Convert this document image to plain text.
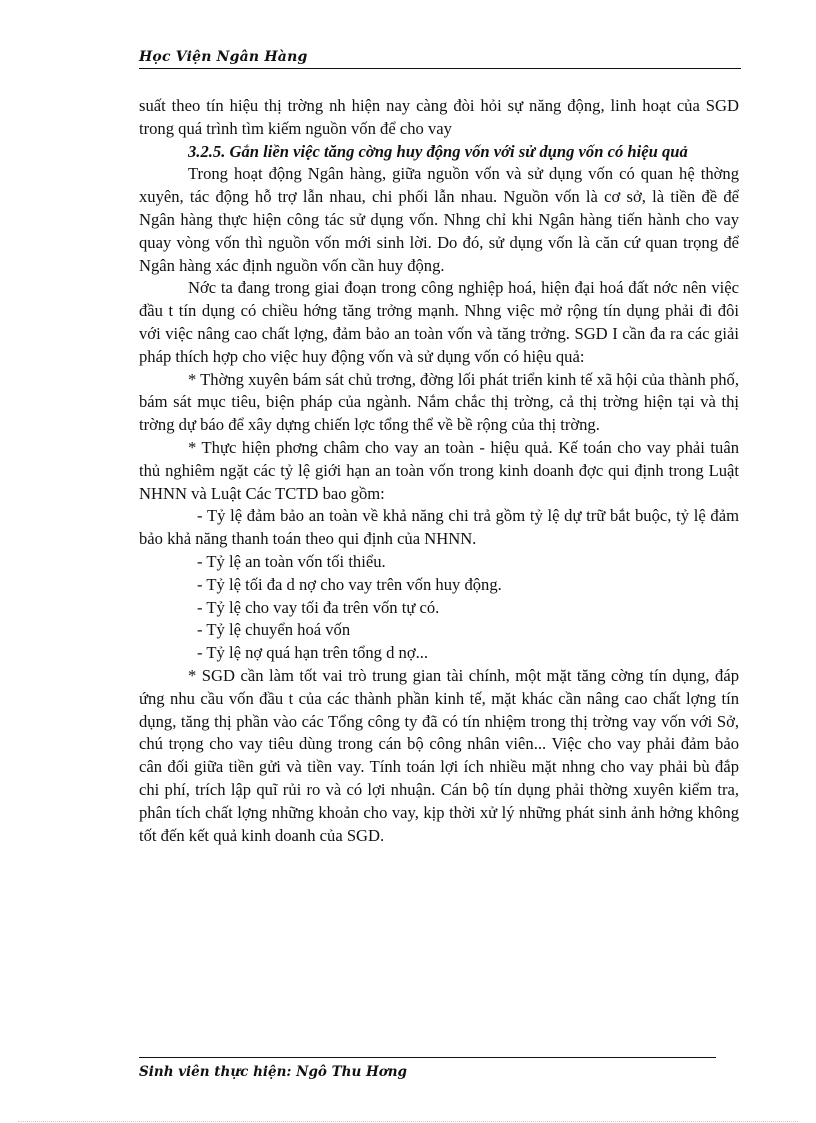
Học Viện Ngân Hàng

suất theo tín hiệu thị trờng nh hiện nay càng đòi hỏi sự năng động, linh hoạt của SGD trong quá trình tìm kiếm nguồn vốn để cho vay

3.2.5. Gắn liền việc tăng cờng huy động vốn với sử dụng vốn có hiệu quả

Trong hoạt động Ngân hàng, giữa nguồn vốn và sử dụng vốn có quan hệ thờng xuyên, tác động hỗ trợ lẫn nhau, chi phối lẫn nhau. Nguồn vốn là cơ sở, là tiền đề để Ngân hàng thực hiện công tác sử dụng vốn. Nhng chỉ khi Ngân hàng tiến hành cho vay quay vòng vốn thì nguồn vốn mới sinh lời. Do đó, sử dụng vốn là căn cứ quan trọng để Ngân hàng xác định nguồn vốn cần huy động.

Nớc ta đang trong giai đoạn trong công nghiệp hoá, hiện đại hoá đất nớc nên việc đầu t tín dụng có chiều hớng tăng trởng mạnh. Nhng việc mở rộng tín dụng phải đi đôi với việc nâng cao chất lợng, đảm bảo an toàn vốn và tăng trởng. SGD I cần đa ra các giải pháp thích hợp cho việc huy động vốn và sử dụng vốn có hiệu quả:

* Thờng xuyên bám sát chủ trơng, đờng lối phát triển kinh tế xã hội của thành phố, bám sát mục tiêu, biện pháp của ngành. Nắm chắc thị trờng, cả thị trờng hiện tại và thị trờng dự báo để xây dựng chiến lợc tổng thể về bề rộng của thị trờng.

* Thực hiện phơng châm cho vay an toàn - hiệu quả. Kế toán cho vay phải tuân thủ nghiêm ngặt các tỷ lệ giới hạn an toàn vốn trong kinh doanh đợc qui định trong Luật NHNN và Luật Các TCTD bao gồm:

- Tỷ lệ đảm bảo an toàn về khả năng chi trả gồm tỷ lệ dự trữ bắt buộc, tỷ lệ đảm bảo khả năng thanh toán theo qui định của NHNN.

- Tỷ lệ an toàn vốn tối thiểu.

- Tỷ lệ tối đa d nợ cho vay trên vốn huy động.

- Tỷ lệ cho vay tối đa trên vốn tự có.

- Tỷ lệ chuyển hoá vốn

- Tỷ lệ nợ quá hạn trên tổng d nợ...

* SGD cần làm tốt vai trò trung gian tài chính, một mặt tăng cờng tín dụng, đáp ứng nhu cầu vốn đầu t của các thành phần kinh tế, mặt khác cần nâng cao chất lợng tín dụng, tăng thị phần vào các Tổng công ty đã có tín nhiệm trong thị trờng vay vốn với Sở, chú trọng cho vay tiêu dùng trong cán bộ công nhân viên... Việc cho vay phải đảm bảo cân đối giữa tiền gửi và tiền vay. Tính toán lợi ích nhiều mặt nhng cho vay phải bù đắp chi phí, trích lập quĩ rủi ro và có lợi nhuận. Cán bộ tín dụng phải thờng xuyên kiểm tra, phân tích chất lợng những khoản cho vay, kịp thời xử lý những phát sinh ảnh hởng không tốt đến kết quả kinh doanh của SGD.

Sinh viên thực hiện: Ngô Thu Hơng
